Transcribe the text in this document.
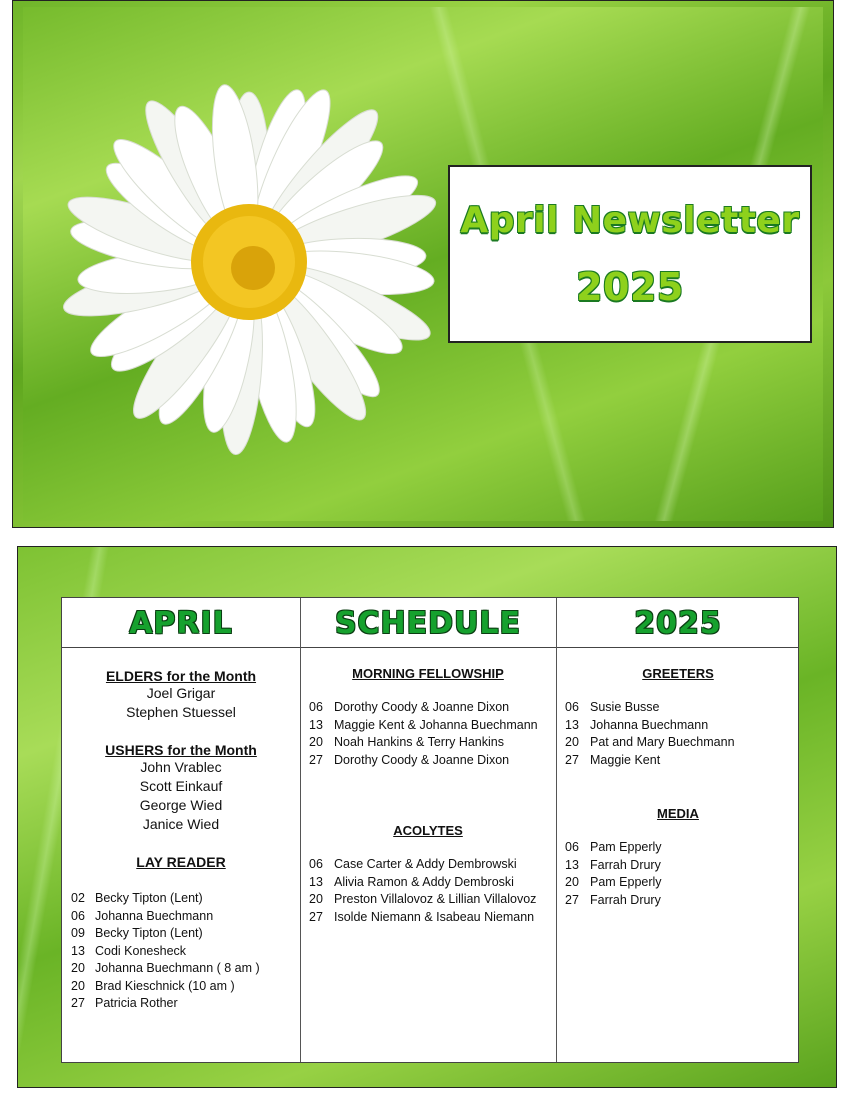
April Newsletter
2025
APRIL	SCHEDULE	2025
ELDERS for the Month
Joel Grigar
Stephen Stuessel
USHERS for the Month
John Vrablec
Scott Einkauf
George Wied
Janice Wied
LAY READER
02 Becky Tipton (Lent)
06 Johanna Buechmann
09 Becky Tipton (Lent)
13 Codi Konesheck
20 Johanna Buechmann ( 8 am )
20 Brad Kieschnick (10 am )
27 Patricia Rother
MORNING FELLOWSHIP
06 Dorothy Coody & Joanne Dixon
13 Maggie Kent & Johanna Buechmann
20 Noah Hankins & Terry Hankins
27 Dorothy Coody & Joanne Dixon
ACOLYTES
06 Case Carter & Addy Dembrowski
13 Alivia Ramon & Addy Dembroski
20 Preston Villalovoz & Lillian Villalovoz
27 Isolde Niemann & Isabeau Niemann
GREETERS
06 Susie Busse
13 Johanna Buechmann
20 Pat and Mary Buechmann
27 Maggie Kent
MEDIA
06 Pam Epperly
13 Farrah Drury
20 Pam Epperly
27 Farrah Drury
